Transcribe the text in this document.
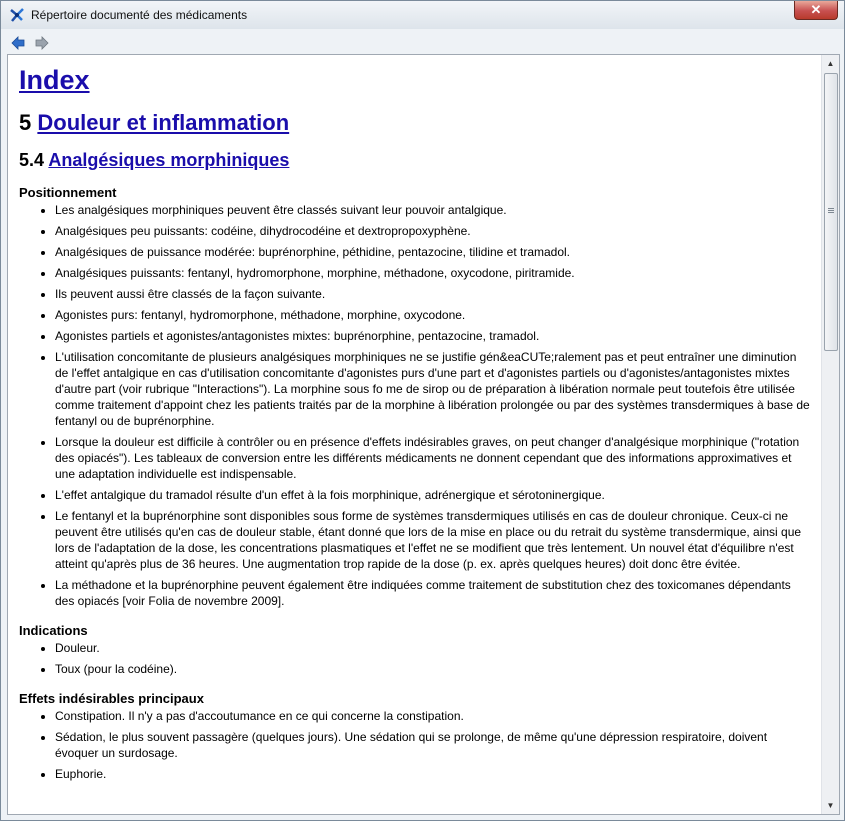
Répertoire documenté des médicaments	✕
Index
5 Douleur et inflammation
5.4 Analgésiques morphiniques
Positionnement
• Les analgésiques morphiniques peuvent être classés suivant leur pouvoir antalgique.
• Analgésiques peu puissants: codéine, dihydrocodéine et dextropropoxyphène.
• Analgésiques de puissance modérée: buprénorphine, péthidine, pentazocine, tilidine et tramadol.
• Analgésiques puissants: fentanyl, hydromorphone, morphine, méthadone, oxycodone, piritramide.
• Ils peuvent aussi être classés de la façon suivante.
• Agonistes purs: fentanyl, hydromorphone, méthadone, morphine, oxycodone.
• Agonistes partiels et agonistes/antagonistes mixtes: buprénorphine, pentazocine, tramadol.
• L'utilisation concomitante de plusieurs analgésiques morphiniques ne se justifie gén&eaCUTe;ralement pas et peut entraîner une diminution de l'effet antalgique en cas d'utilisation concomitante d'agonistes purs d'une part et d'agonistes partiels ou d'agonistes/antagonistes mixtes d'autre part (voir rubrique "Interactions"). La morphine sous fo me de sirop ou de préparation à libération normale peut toutefois être utilisée comme traitement d'appoint chez les patients traités par de la morphine à libération prolongée ou par des systèmes transdermiques à base de fentanyl ou de buprénorphine.
• Lorsque la douleur est difficile à contrôler ou en présence d'effets indésirables graves, on peut changer d'analgésique morphinique ("rotation des opiacés"). Les tableaux de conversion entre les différents médicaments ne donnent cependant que des informations approximatives et une adaptation individuelle est indispensable.
• L'effet antalgique du tramadol résulte d'un effet à la fois morphinique, adrénergique et sérotoninergique.
• Le fentanyl et la buprénorphine sont disponibles sous forme de systèmes transdermiques utilisés en cas de douleur chronique. Ceux-ci ne peuvent être utilisés qu'en cas de douleur stable, étant donné que lors de la mise en place ou du retrait du système transdermique, ainsi que lors de l'adaptation de la dose, les concentrations plasmatiques et l'effet ne se modifient que très lentement. Un nouvel état d'équilibre n'est atteint qu'après plus de 36 heures. Une augmentation trop rapide de la dose (p. ex. après quelques heures) doit donc être évitée.
• La méthadone et la buprénorphine peuvent également être indiquées comme traitement de substitution chez des toxicomanes dépendants des opiacés [voir Folia de novembre 2009].
Indications
• Douleur.
• Toux (pour la codéine).
Effets indésirables principaux
• Constipation. Il n'y a pas d'accoutumance en ce qui concerne la constipation.
• Sédation, le plus souvent passagère (quelques jours). Une sédation qui se prolonge, de même qu'une dépression respiratoire, doivent évoquer un surdosage.
• Euphorie.
▲
▼
